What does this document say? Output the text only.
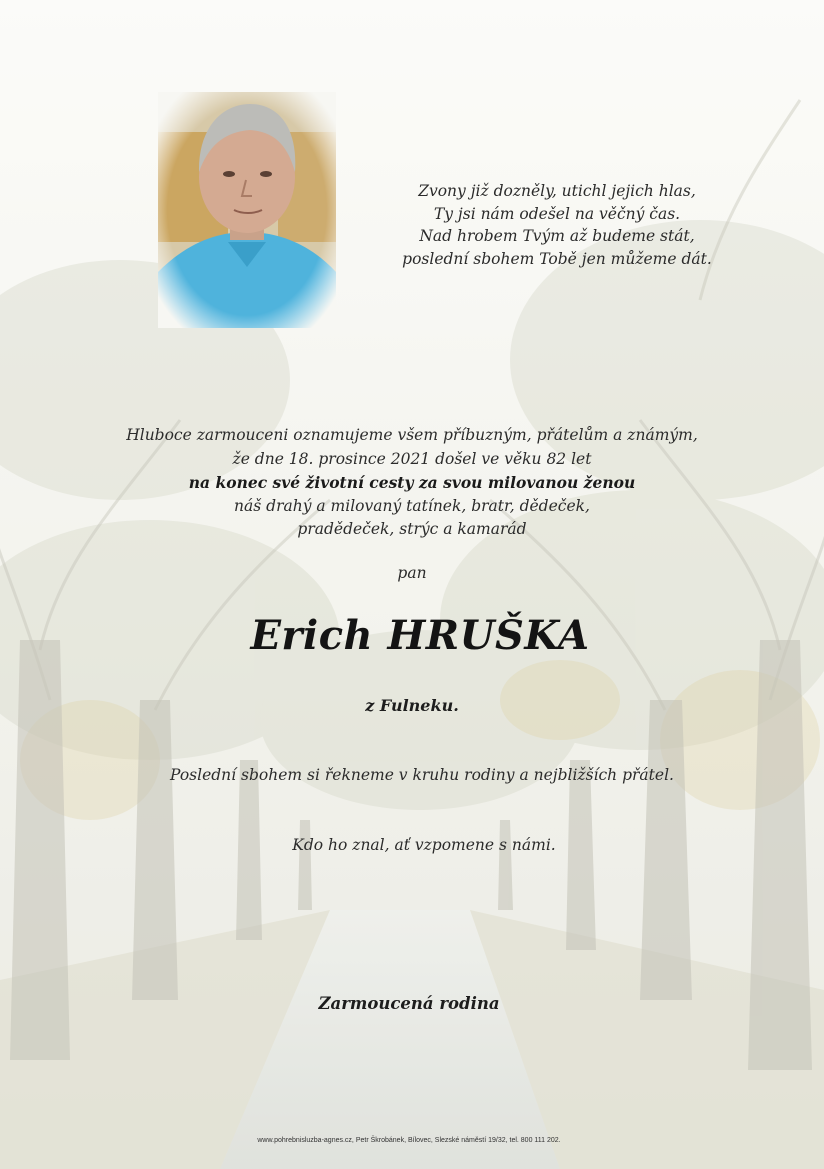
Zvony již dozněly, utichl jejich hlas,
Ty jsi nám odešel na věčný čas.
Nad hrobem Tvým až budeme stát,
poslední sbohem Tobě jen můžeme dát.
Hluboce zarmouceni oznamujeme všem příbuzným, přátelům a známým,
že dne 18. prosince 2021 došel ve věku 82 let
na konec své životní cesty za svou milovanou ženou
náš drahý a milovaný tatínek, bratr, dědeček,
pradědeček, strýc a kamarád
pan
Erich HRUŠKA
z Fulneku.
Poslední sbohem si řekneme v kruhu rodiny a nejbližších přátel.
Kdo ho znal, ať vzpomene s námi.
Zarmoucená rodina
www.pohrebnisluzba-agnes.cz, Petr Škrobánek, Bílovec, Slezské náměstí 19/32, tel. 800 111 202.
